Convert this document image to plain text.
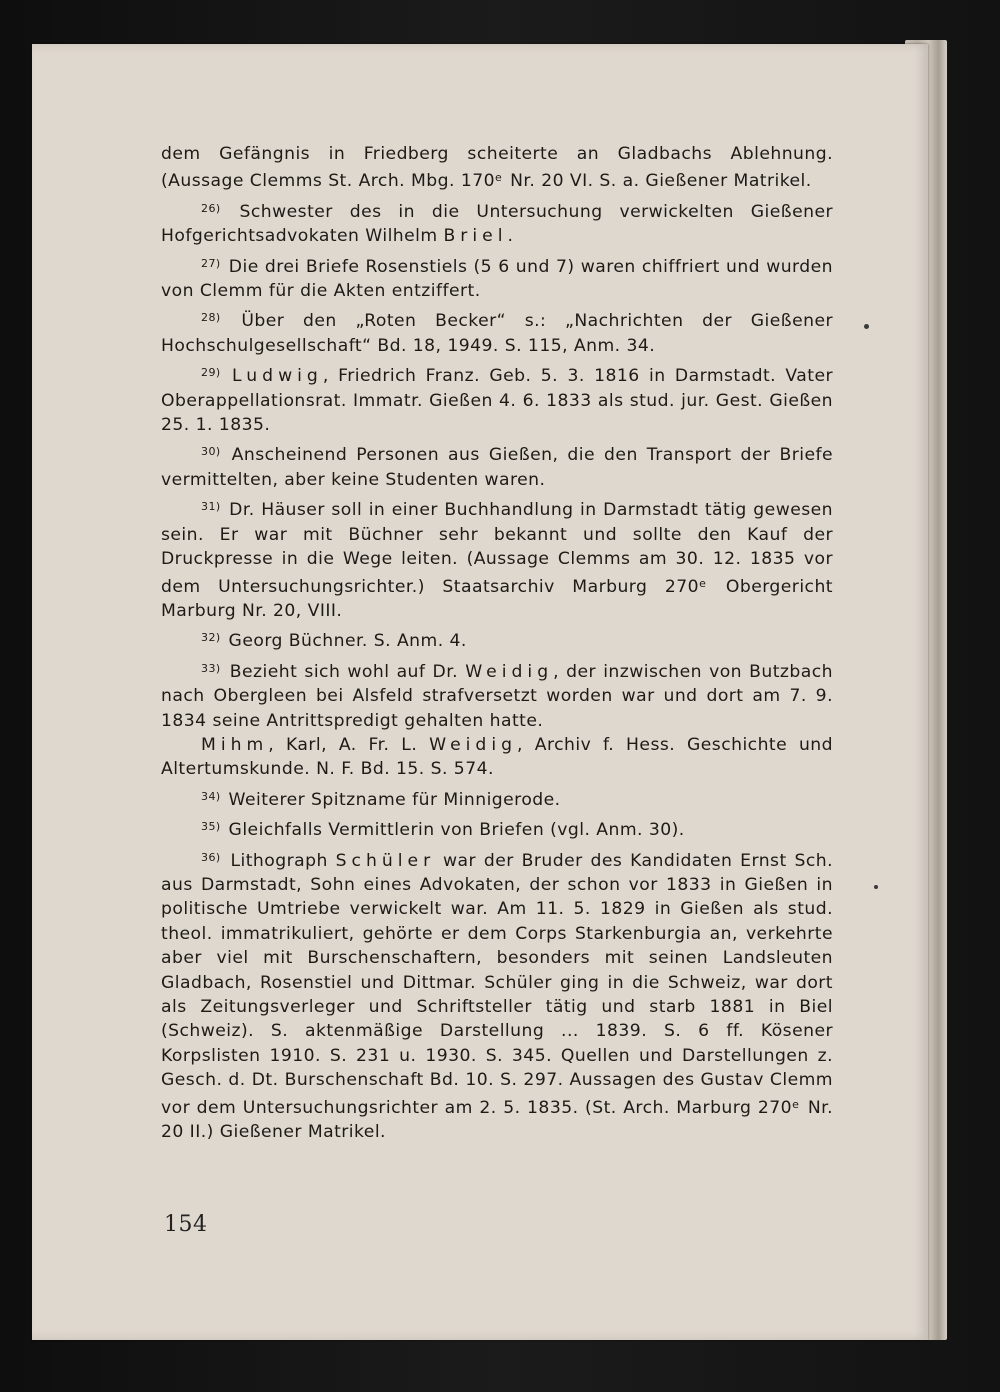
dem Gefängnis in Friedberg scheiterte an Gladbachs Ablehnung. (Aussage Clemms St. Arch. Mbg. 170e Nr. 20 VI. S. a. Gießener Matrikel.

$^{26)}$ Schwester des in die Untersuchung verwickelten Gießener Hofgerichtsadvokaten Wilhelm Briel.

$^{27)}$ Die drei Briefe Rosenstiels (5 6 und 7) waren chiffriert und wurden von Clemm für die Akten entziffert.

$^{28)}$ Über den „Roten Becker“ s.: „Nachrichten der Gießener Hochschulgesellschaft“ Bd. 18, 1949. S. 115, Anm. 34.

$^{29)}$ Ludwig, Friedrich Franz. Geb. 5. 3. 1816 in Darmstadt. Vater Oberappellationsrat. Immatr. Gießen 4. 6. 1833 als stud. jur. Gest. Gießen 25. 1. 1835.

$^{30)}$ Anscheinend Personen aus Gießen, die den Transport der Briefe vermittelten, aber keine Studenten waren.

$^{31)}$ Dr. Häuser soll in einer Buchhandlung in Darmstadt tätig gewesen sein. Er war mit Büchner sehr bekannt und sollte den Kauf der Druckpresse in die Wege leiten. (Aussage Clemms am 30. 12. 1835 vor dem Untersuchungsrichter.) Staatsarchiv Marburg 270e Obergericht Marburg Nr. 20, VIII.

$^{32)}$ Georg Büchner. S. Anm. 4.

$^{33)}$ Bezieht sich wohl auf Dr. Weidig, der inzwischen von Butzbach nach Obergleen bei Alsfeld strafversetzt worden war und dort am 7. 9. 1834 seine Antrittspredigt gehalten hatte.

Mihm, Karl, A. Fr. L. Weidig, Archiv f. Hess. Geschichte und Altertumskunde. N. F. Bd. 15. S. 574.

$^{34)}$ Weiterer Spitzname für Minnigerode.

$^{35)}$ Gleichfalls Vermittlerin von Briefen (vgl. Anm. 30).

$^{36)}$ Lithograph Schüler war der Bruder des Kandidaten Ernst Sch. aus Darmstadt, Sohn eines Advokaten, der schon vor 1833 in Gießen in politische Umtriebe verwickelt war. Am 11. 5. 1829 in Gießen als stud. theol. immatrikuliert, gehörte er dem Corps Starkenburgia an, verkehrte aber viel mit Burschenschaftern, besonders mit seinen Landsleuten Gladbach, Rosenstiel und Dittmar. Schüler ging in die Schweiz, war dort als Zeitungsverleger und Schriftsteller tätig und starb 1881 in Biel (Schweiz). S. aktenmäßige Darstellung ... 1839. S. 6 ff. Kösener Korpslisten 1910. S. 231 u. 1930. S. 345. Quellen und Darstellungen z. Gesch. d. Dt. Burschenschaft Bd. 10. S. 297. Aussagen des Gustav Clemm vor dem Untersuchungsrichter am 2. 5. 1835. (St. Arch. Marburg 270e Nr. 20 II.) Gießener Matrikel.

154
